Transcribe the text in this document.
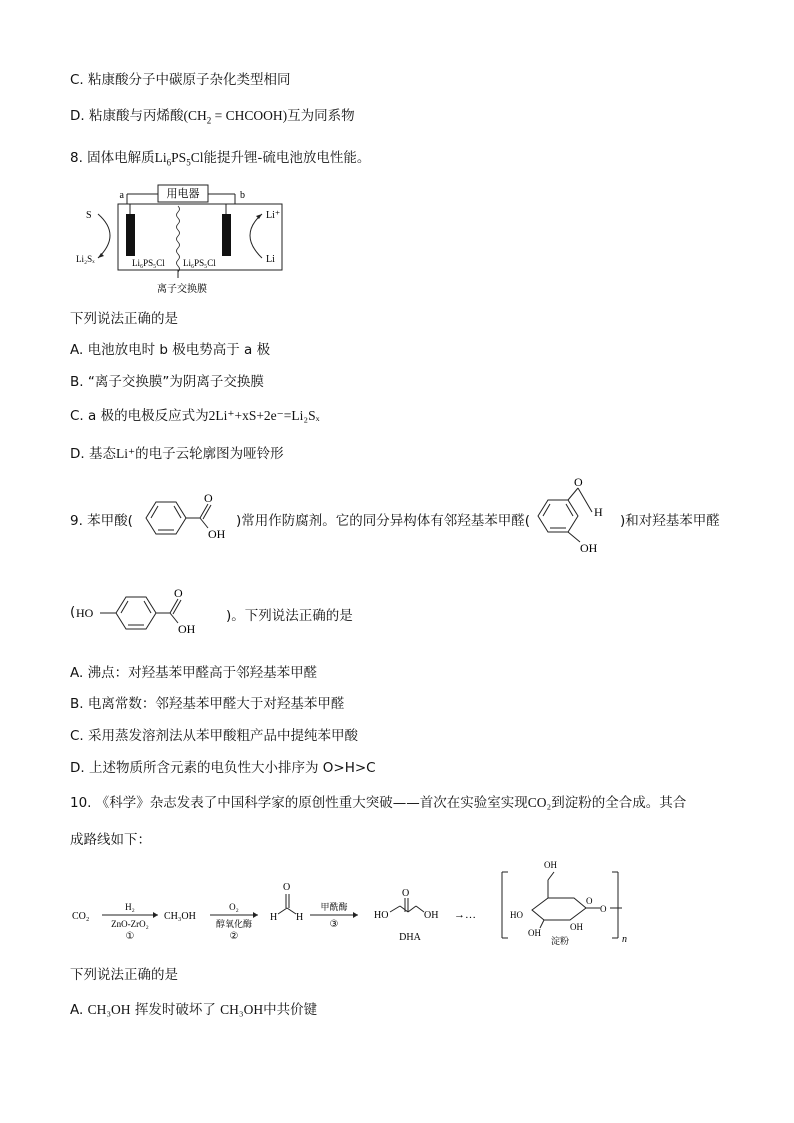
C. 粘康酸分子中碳原子杂化类型相同
D. 粘康酸与丙烯酸($CH_2$ = CHCOOH)互为同系物
8. 固体电解质$Li_6PS_5Cl$能提升锂-硫电池放电性能。
用电器
a	b
离子交换膜
Li₆PS₅Cl Li₆PS₅Cl
S
Li₂Sₓ
Li⁺
Li
下列说法正确的是
A. 电池放电时 b 极电势高于 a 极
B. “离子交换膜”为阴离子交换膜
C. a 极的电极反应式为2Li⁺+xS+2e⁻=Li₂Sₓ
D. 基态Li⁺的电子云轮廓图为哑铃形
9. 苯甲酸(
O
OH
)常用作防腐剂。它的同分异构体有邻羟基苯甲醛(
O
H
OH
)和对羟基苯甲醛
( HO
O
OH
)。下列说法正确的是
A. 沸点：对羟基苯甲醛高于邻羟基苯甲醛
B. 电离常数：邻羟基苯甲醛大于对羟基苯甲醛
C. 采用蒸发溶剂法从苯甲酸粗产品中提纯苯甲酸
D. 上述物质所含元素的电负性大小排序为 O>H>C
10. 《科学》杂志发表了中国科学家的原创性重大突破——首次在实验室实现CO₂到淀粉的全合成。其合
成路线如下：
CO₂
H₂
ZnO-ZrO₂
①
CH₃OH
O₂
醇氧化酶
②
O
H H
甲酰酶
③
HO
O
OH
DHA
→…	HO
OH
OH
OH
O
O
n
淀粉
下列说法正确的是
A. CH₃OH 挥发时破坏了 CH₃OH中共价键
